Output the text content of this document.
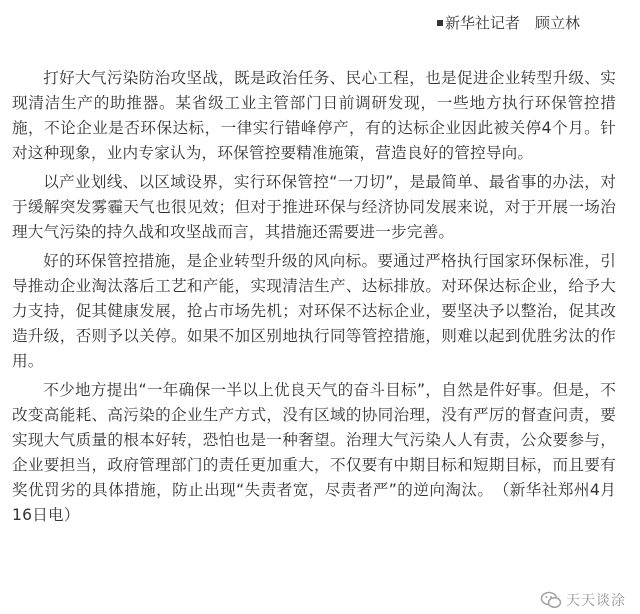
新华社记者　顾立林

打好大气污染防治攻坚战，既是政治任务、民心工程，也是促进企业转型升级、实现清洁生产的助推器。某省级工业主管部门日前调研发现，一些地方执行环保管控措施，不论企业是否环保达标，一律实行错峰停产，有的达标企业因此被关停4个月。针对这种现象，业内专家认为，环保管控要精准施策，营造良好的管控导向。

以产业划线、以区域设界，实行环保管控“一刀切”，是最简单、最省事的办法，对于缓解突发雾霾天气也很见效；但对于推进环保与经济协同发展来说，对于开展一场治理大气污染的持久战和攻坚战而言，其措施还需要进一步完善。

好的环保管控措施，是企业转型升级的风向标。要通过严格执行国家环保标准，引导推动企业淘汰落后工艺和产能，实现清洁生产、达标排放。对环保达标企业，给予大力支持，促其健康发展，抢占市场先机；对环保不达标企业，要坚决予以整治，促其改造升级，否则予以关停。如果不加区别地执行同等管控措施，则难以起到优胜劣汰的作用。

不少地方提出“一年确保一半以上优良天气的奋斗目标”，自然是件好事。但是，不改变高能耗、高污染的企业生产方式，没有区域的协同治理，没有严厉的督查问责，要实现大气质量的根本好转，恐怕也是一种奢望。治理大气污染人人有责，公众要参与，企业要担当，政府管理部门的责任更加重大，不仅要有中期目标和短期目标，而且要有奖优罚劣的具体措施，防止出现“失责者宽，尽责者严”的逆向淘汰。　（新华社郑州4月16日电）

天天谈涂
